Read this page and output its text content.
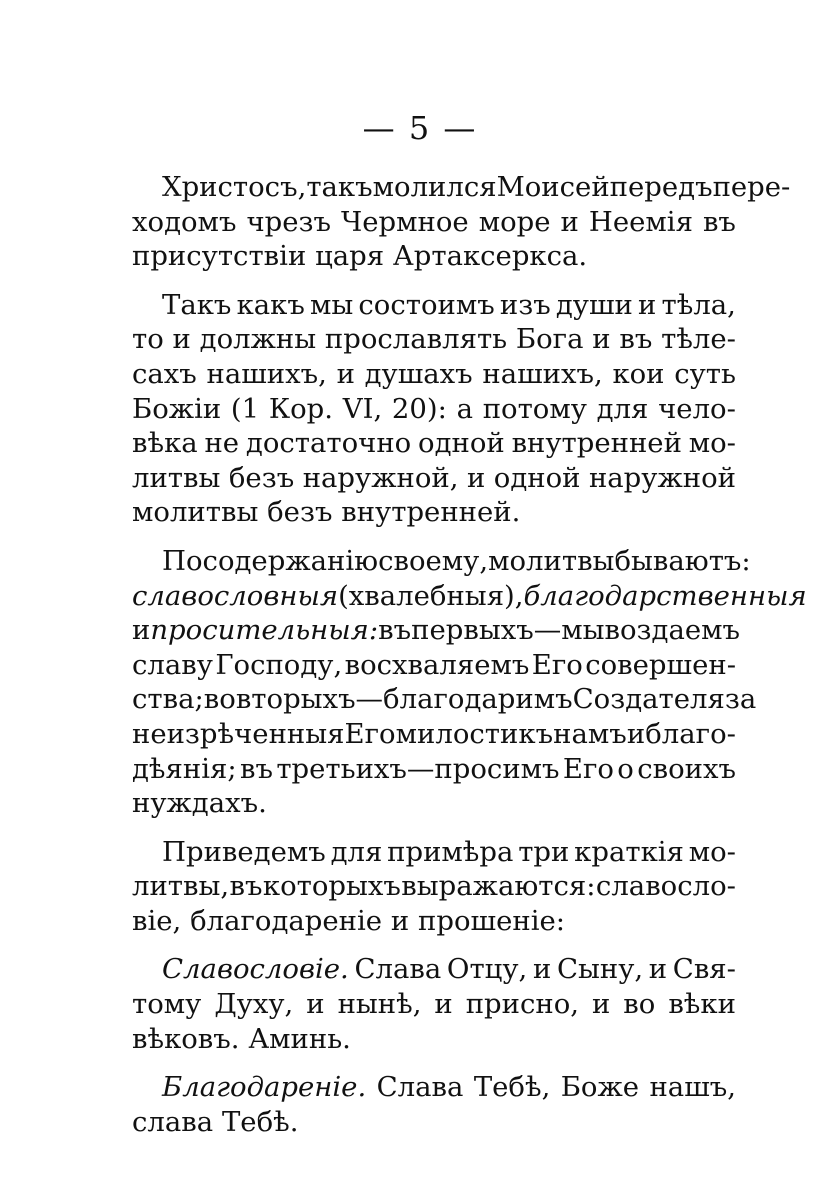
— 5 —
Христосъ, такъ молился Моисей передъ пере-
ходомъ чрезъ Чермное море и Неемія въ
присутствіи царя Артаксеркса.
Такъ какъ мы состоимъ изъ души и тѣла,
то и должны прославлять Бога и въ тѣле-
сахъ нашихъ, и душахъ нашихъ, кои суть
Божіи (1 Кор. VI, 20): а потому для чело-
вѣка не достаточно одной внутренней мо-
литвы безъ наружной, и одной наружной
молитвы безъ внутренней.
По содержанію своему, молитвы бываютъ:
славословныя (хвалебныя), благодарственныя
и просительныя: въ первыхъ—мы воздаемъ
славу Господу, восхваляемъ Его совершен-
ства; во вторыхъ—благодаримъ Создателя за
неизрѣченныя Его милости къ намъ и благо-
дѣянія; въ третьихъ—просимъ Его о своихъ
нуждахъ.
Приведемъ для примѣра три краткія мо-
литвы, въ которыхъ выражаются: славосло-
віе, благодареніе и прошеніе:
Славословіе. Слава Отцу, и Сыну, и Свя-
тому Духу, и нынѣ, и присно, и во вѣки
вѣковъ. Аминь.
Благодареніе. Слава Тебѣ, Боже нашъ,
слава Тебѣ.
